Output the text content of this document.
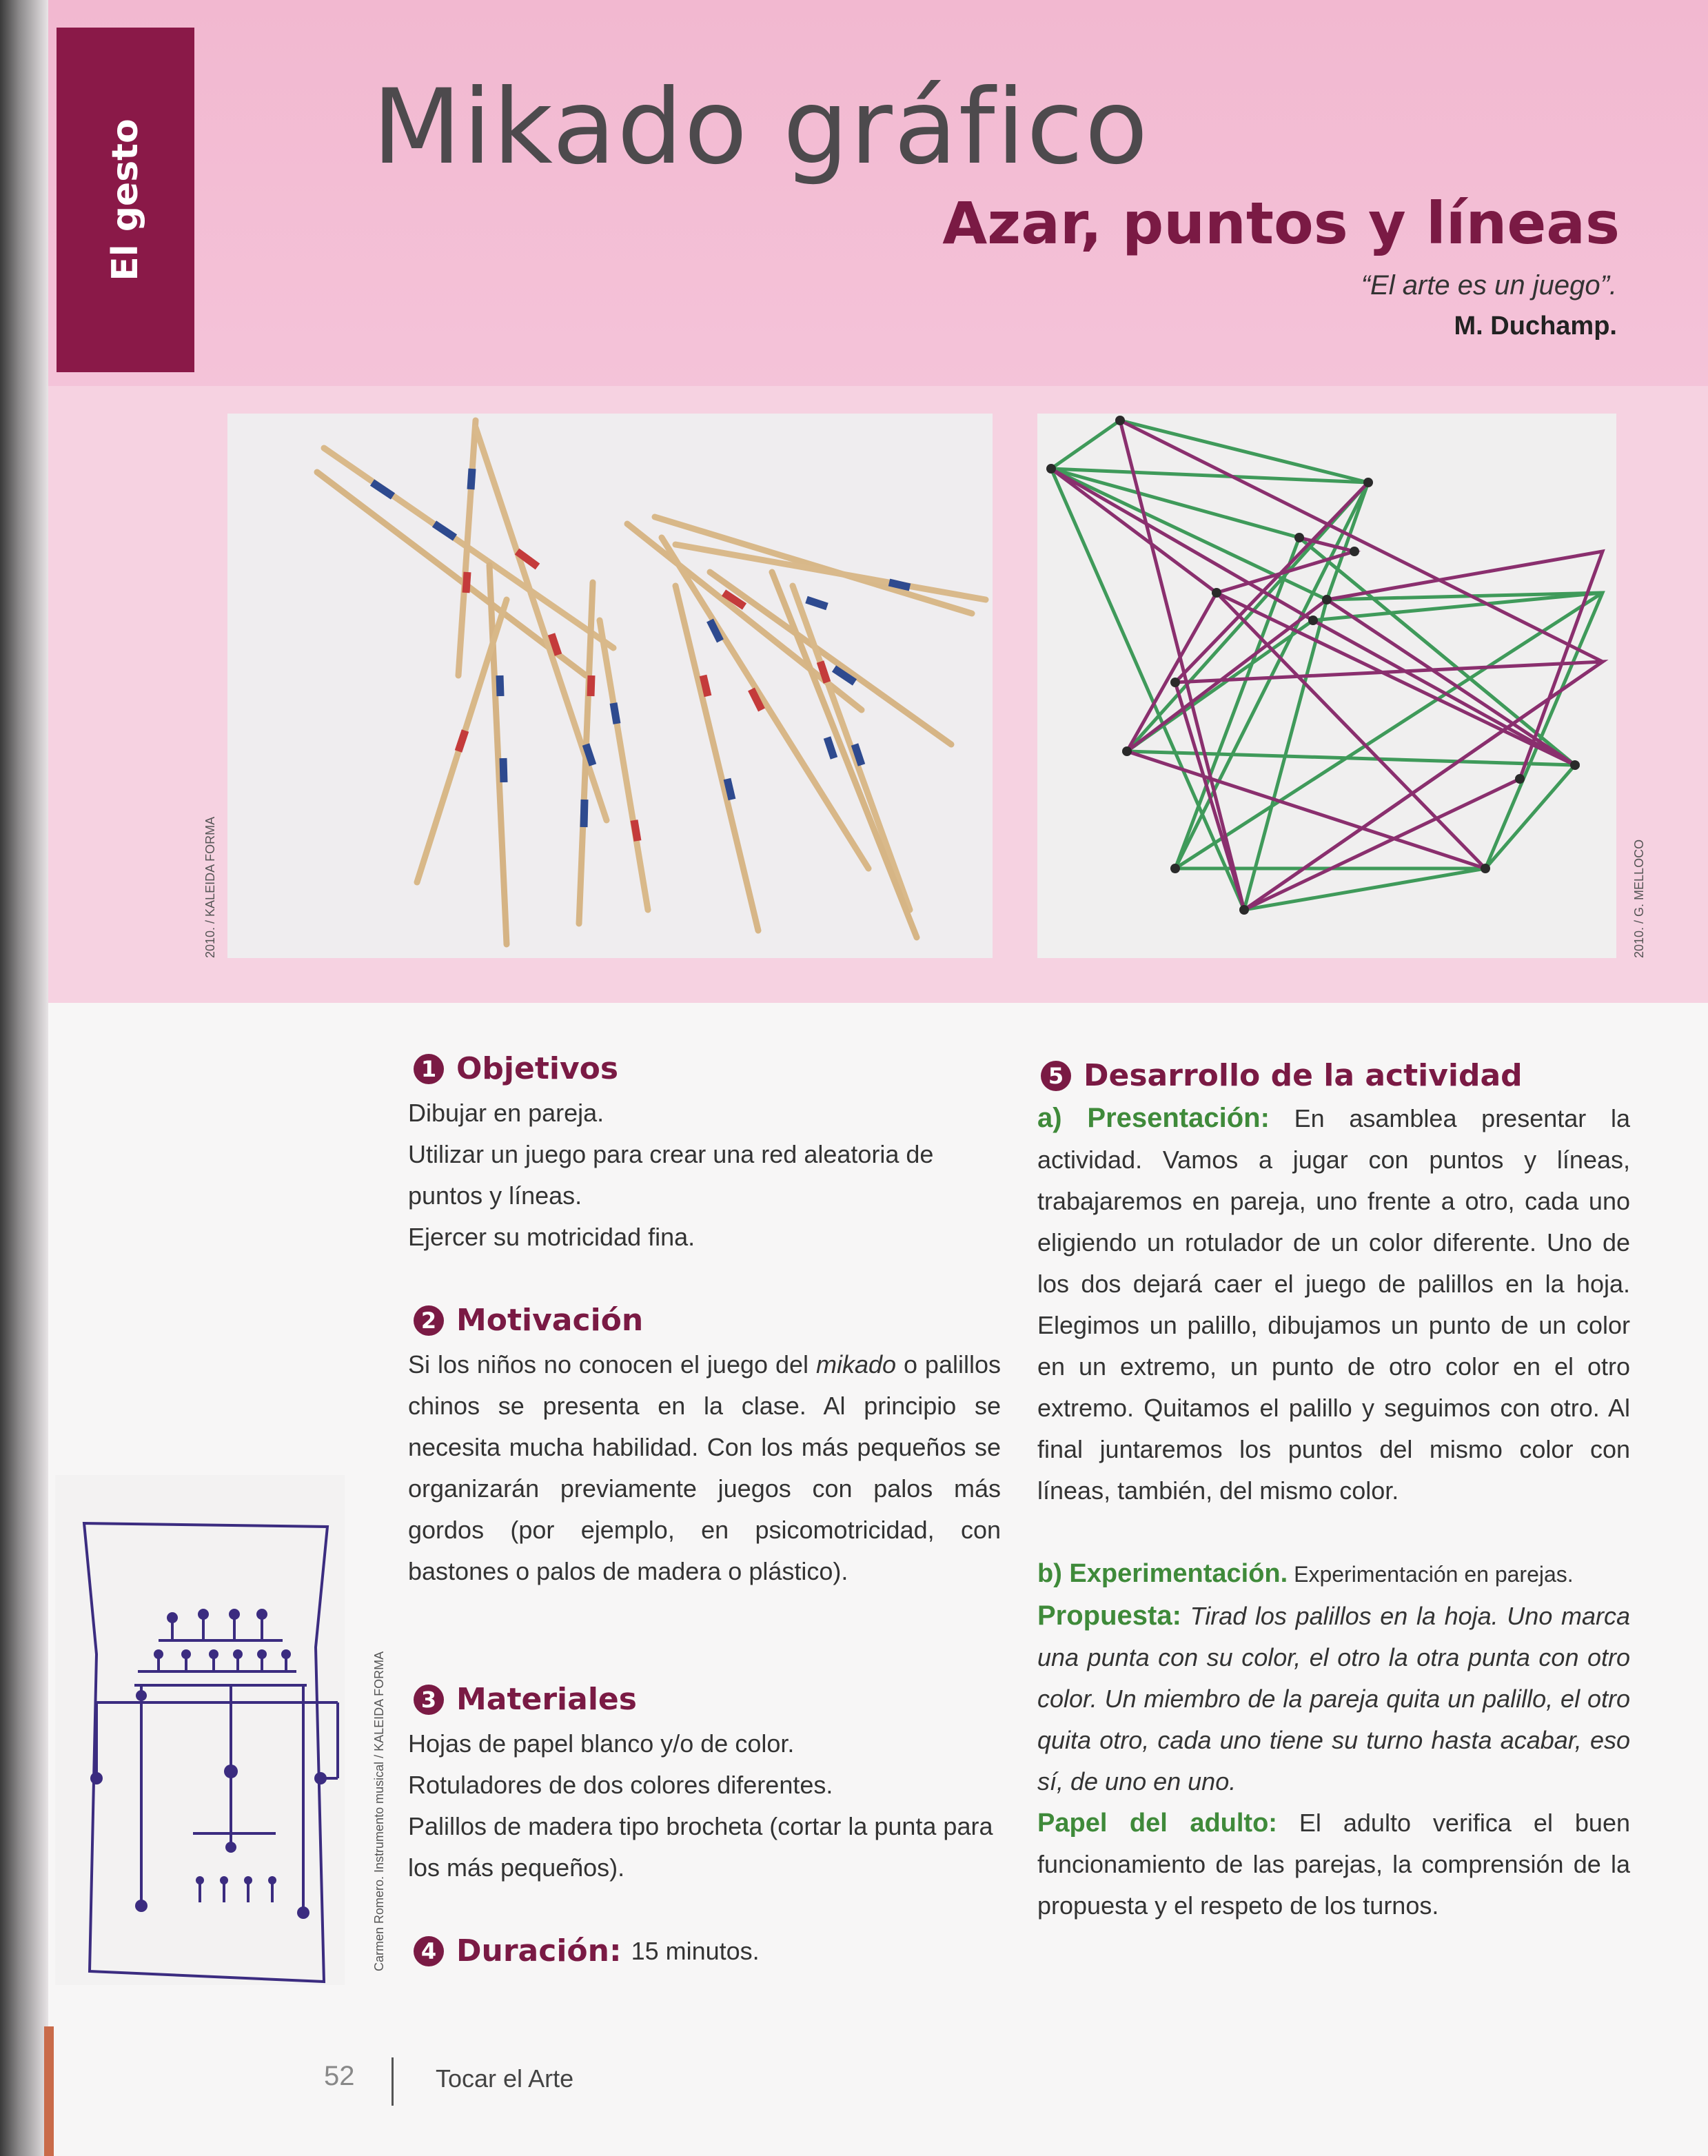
El gesto Mikado gráfico
Azar, puntos y líneas
“El arte es un juego”.
M. Duchamp.
2010. / KALEIDA FORMA	2010. / G. MELLOCO
Carmen Romero. Instrumento musical / KALEIDA FORMA
1 Objetivos

Dibujar en pareja.

Utilizar un juego para crear una red aleatoria de puntos y líneas.

Ejercer su motricidad fina.

2 Motivación

Si los niños no conocen el juego del mikado o palillos chinos se presenta en la clase. Al principio se necesita mucha habilidad. Con los más pequeños se organizarán previamente juegos con palos más gordos (por ejemplo, en psicomotricidad, con bastones o palos de madera o plástico).

3 Materiales

Hojas de papel blanco y/o de color.

Rotuladores de dos colores diferentes.

Palillos de madera tipo brocheta (cortar la punta para los más pequeños).

4 Duración: 15 minutos.
5 Desarrollo de la actividad

a) Presentación: En asamblea presentar la actividad. Vamos a jugar con puntos y líneas, trabajaremos en pareja, uno frente a otro, cada uno eligiendo un rotulador de un color diferente. Uno de los dos dejará caer el juego de palillos en la hoja. Elegimos un palillo, dibujamos un punto de un color en un extremo, un punto de otro color en el otro extremo. Quitamos el palillo y seguimos con otro. Al final juntaremos los puntos del mismo color con líneas, también, del mismo color.

b) Experimentación. Experimentación en parejas.

Propuesta: Tirad los palillos en la hoja. Uno marca una punta con su color, el otro la otra punta con otro color. Un miembro de la pareja quita un palillo, el otro quita otro, cada uno tiene su turno hasta acabar, eso sí, de uno en uno.

Papel del adulto: El adulto verifica el buen funcionamiento de las parejas, la comprensión de la propuesta y el respeto de los turnos.

52	Tocar el Arte
